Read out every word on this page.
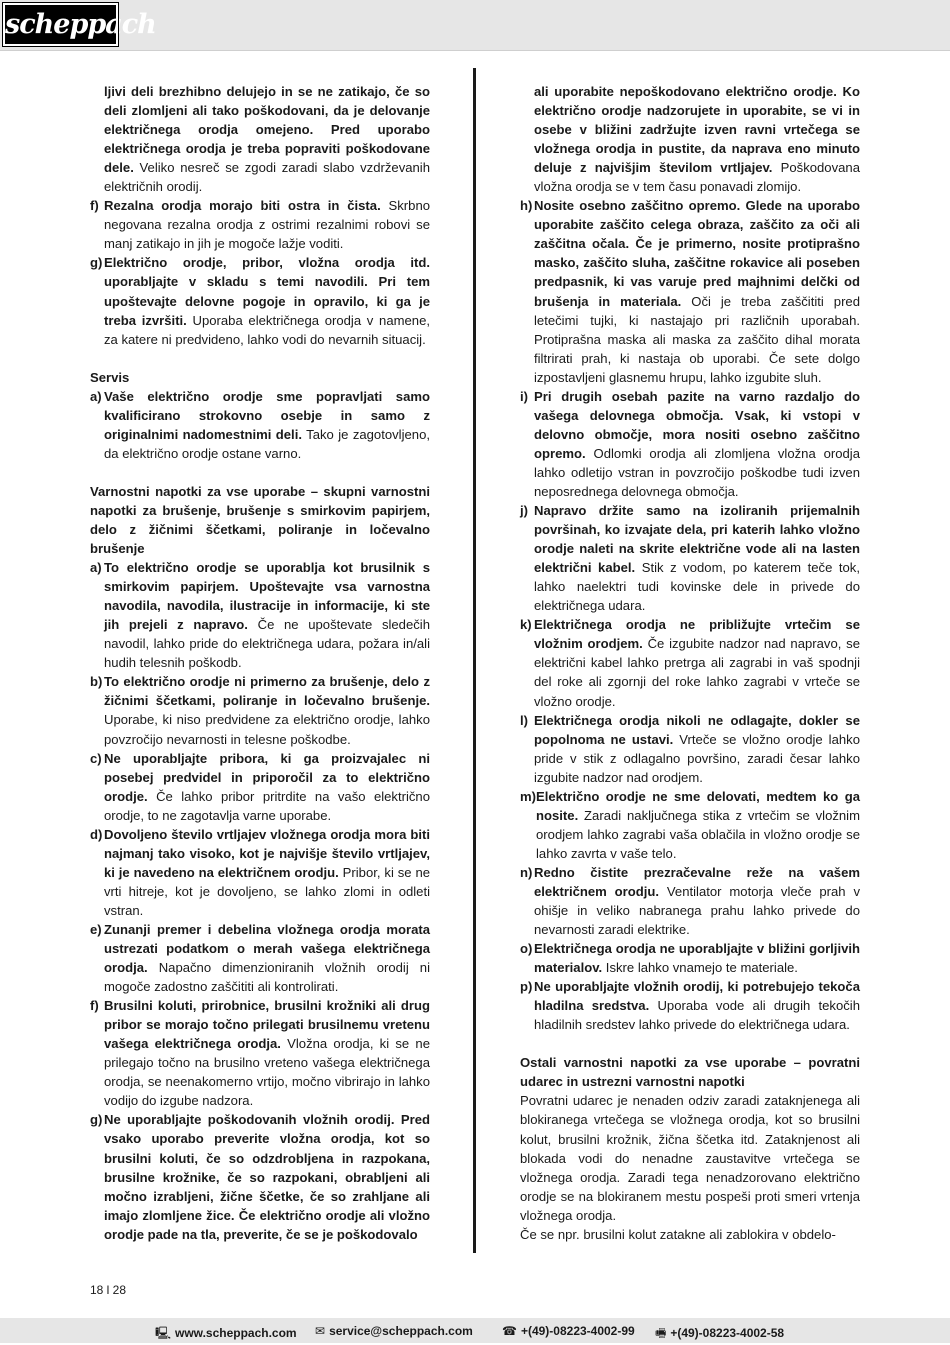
scheppach

ljivi deli brezhibno delujejo in se ne zatikajo, če so deli zlomljeni ali tako poškodovani, da je delovanje električnega orodja omejeno. Pred uporabo električnega orodja je treba popraviti poškodovane dele. Veliko nesreč se zgodi zaradi slabo vzdrževanih električnih orodij.

f) Rezalna orodja morajo biti ostra in čista. Skrbno negovana rezalna orodja z ostrimi rezalnimi robovi se manj zatikajo in jih je mogoče lažje voditi.
g) Električno orodje, pribor, vložna orodja itd. uporabljajte v skladu s temi navodili. Pri tem upoštevajte delovne pogoje in opravilo, ki ga je treba izvršiti. Uporaba električnega orodja v namene, za katere ni predvideno, lahko vodi do nevarnih situacij.

Servis

a) Vaše električno orodje sme popravljati samo kvalificirano strokovno osebje in samo z originalnimi nadomestnimi deli. Tako je zagotovljeno, da električno orodje ostane varno.

Varnostni napotki za vse uporabe – skupni varnostni napotki za brušenje, brušenje s smirkovim papirjem, delo z žičnimi ščetkami, poliranje in ločevalno brušenje

a) To električno orodje se uporablja kot brusilnik s smirkovim papirjem. Upoštevajte vsa varnostna navodila, navodila, ilustracije in informacije, ki ste jih prejeli z napravo. Če ne upoštevate sledečih navodil, lahko pride do električnega udara, požara in/ali hudih telesnih poškodb.
b) To električno orodje ni primerno za brušenje, delo z žičnimi ščetkami, poliranje in ločevalno brušenje. Uporabe, ki niso predvidene za električno orodje, lahko povzročijo nevarnosti in telesne poškodbe.
c) Ne uporabljajte pribora, ki ga proizvajalec ni posebej predvidel in priporočil za to električno orodje. Če lahko pribor pritrdite na vašo električno orodje, to ne zagotavlja varne uporabe.
d) Dovoljeno število vrtljajev vložnega orodja mora biti najmanj tako visoko, kot je najvišje število vrtljajev, ki je navedeno na električnem orodju. Pribor, ki se ne vrti hitreje, kot je dovoljeno, se lahko zlomi in odleti vstran.
e) Zunanji premer i debelina vložnega orodja morata ustrezati podatkom o merah vašega električnega orodja. Napačno dimenzioniranih vložnih orodij ni mogoče zadostno zaščititi ali kontrolirati.
f) Brusilni koluti, prirobnice, brusilni krožniki ali drug pribor se morajo točno prilegati brusilnemu vretenu vašega električnega orodja. Vložna orodja, ki se ne prilegajo točno na brusilno vreteno vašega električnega orodja, se neenakomerno vrtijo, močno vibrirajo in lahko vodijo do izgube nadzora.
g) Ne uporabljajte poškodovanih vložnih orodij. Pred vsako uporabo preverite vložna orodja, kot so brusilni koluti, če so odzdrobljena in razpokana, brusilne krožnike, če so razpokani, obrabljeni ali močno izrabljeni, žične ščetke, če so zrahljane ali imajo zlomljene žice. Če električno orodje ali vložno orodje pade na tla, preverite, če se je poškodovalo

ali uporabite nepoškodovano električno orodje. Ko električno orodje nadzorujete in uporabite, se vi in osebe v bližini zadržujte izven ravni vrtečega se vložnega orodja in pustite, da naprava eno minuto deluje z najvišjim številom vrtljajev. Poškodovana vložna orodja se v tem času ponavadi zlomijo.

h) Nosite osebno zaščitno opremo. Glede na uporabo uporabite zaščito celega obraza, zaščito za oči ali zaščitna očala. Če je primerno, nosite protiprašno masko, zaščito sluha, zaščitne rokavice ali poseben predpasnik, ki vas varuje pred majhnimi delčki od brušenja in materiala. Oči je treba zaščititi pred letečimi tujki, ki nastajajo pri različnih uporabah. Protiprašna maska ali maska za zaščito dihal morata filtrirati prah, ki nastaja ob uporabi. Če sete dolgo izpostavljeni glasnemu hrupu, lahko izgubite sluh.
i) Pri drugih osebah pazite na varno razdaljo do vašega delovnega območja. Vsak, ki vstopi v delovno območje, mora nositi osebno zaščitno opremo. Odlomki orodja ali zlomljena vložna orodja lahko odletijo vstran in povzročijo poškodbe tudi izven neposrednega delovnega območja.
j) Napravo držite samo na izoliranih prijemalnih površinah, ko izvajate dela, pri katerih lahko vložno orodje naleti na skrite električne vode ali na lasten električni kabel. Stik z vodom, po katerem teče tok, lahko naelektri tudi kovinske dele in privede do električnega udara.
k) Električnega orodja ne približujte vrtečim se vložnim orodjem. Če izgubite nadzor nad napravo, se električni kabel lahko pretrga ali zagrabi in vaš spodnji del roke ali zgornji del roke lahko zagrabi v vrteče se vložno orodje.
l) Električnega orodja nikoli ne odlagajte, dokler se popolnoma ne ustavi. Vrteče se vložno orodje lahko pride v stik z odlagalno površino, zaradi česar lahko izgubite nadzor nad orodjem.
m) Električno orodje ne sme delovati, medtem ko ga nosite. Zaradi naključnega stika z vrtečim se vložnim orodjem lahko zagrabi vaša oblačila in vložno orodje se lahko zavrta v vaše telo.
n) Redno čistite prezračevalne reže na vašem električnem orodju. Ventilator motorja vleče prah v ohišje in veliko nabranega prahu lahko privede do nevarnosti zaradi elektrike.
o) Električnega orodja ne uporabljajte v bližini gorljivih materialov. Iskre lahko vnamejo te materiale.
p) Ne uporabljajte vložnih orodij, ki potrebujejo tekoča hladilna sredstva. Uporaba vode ali drugih tekočih hladilnih sredstev lahko privede do električnega udara.

Ostali varnostni napotki za vse uporabe – povratni udarec in ustrezni varnostni napotki

Povratni udarec je nenaden odziv zaradi zataknjenega ali blokiranega vrtečega se vložnega orodja, kot so brusilni kolut, brusilni krožnik, žična ščetka itd. Zataknjenost ali blokada vodi do nenadne zaustavitve vrtečega se vložnega orodja. Zaradi tega nenadzorovano električno orodje se na blokiranem mestu pospeši proti smeri vrtenja vložnega orodja.

Če se npr. brusilni kolut zatakne ali zablokira v obdelo-

18 l 28
🖳 www.scheppach.com ✉ service@scheppach.com ☎ +(49)-08223-4002-99 🖷 +(49)-08223-4002-58
